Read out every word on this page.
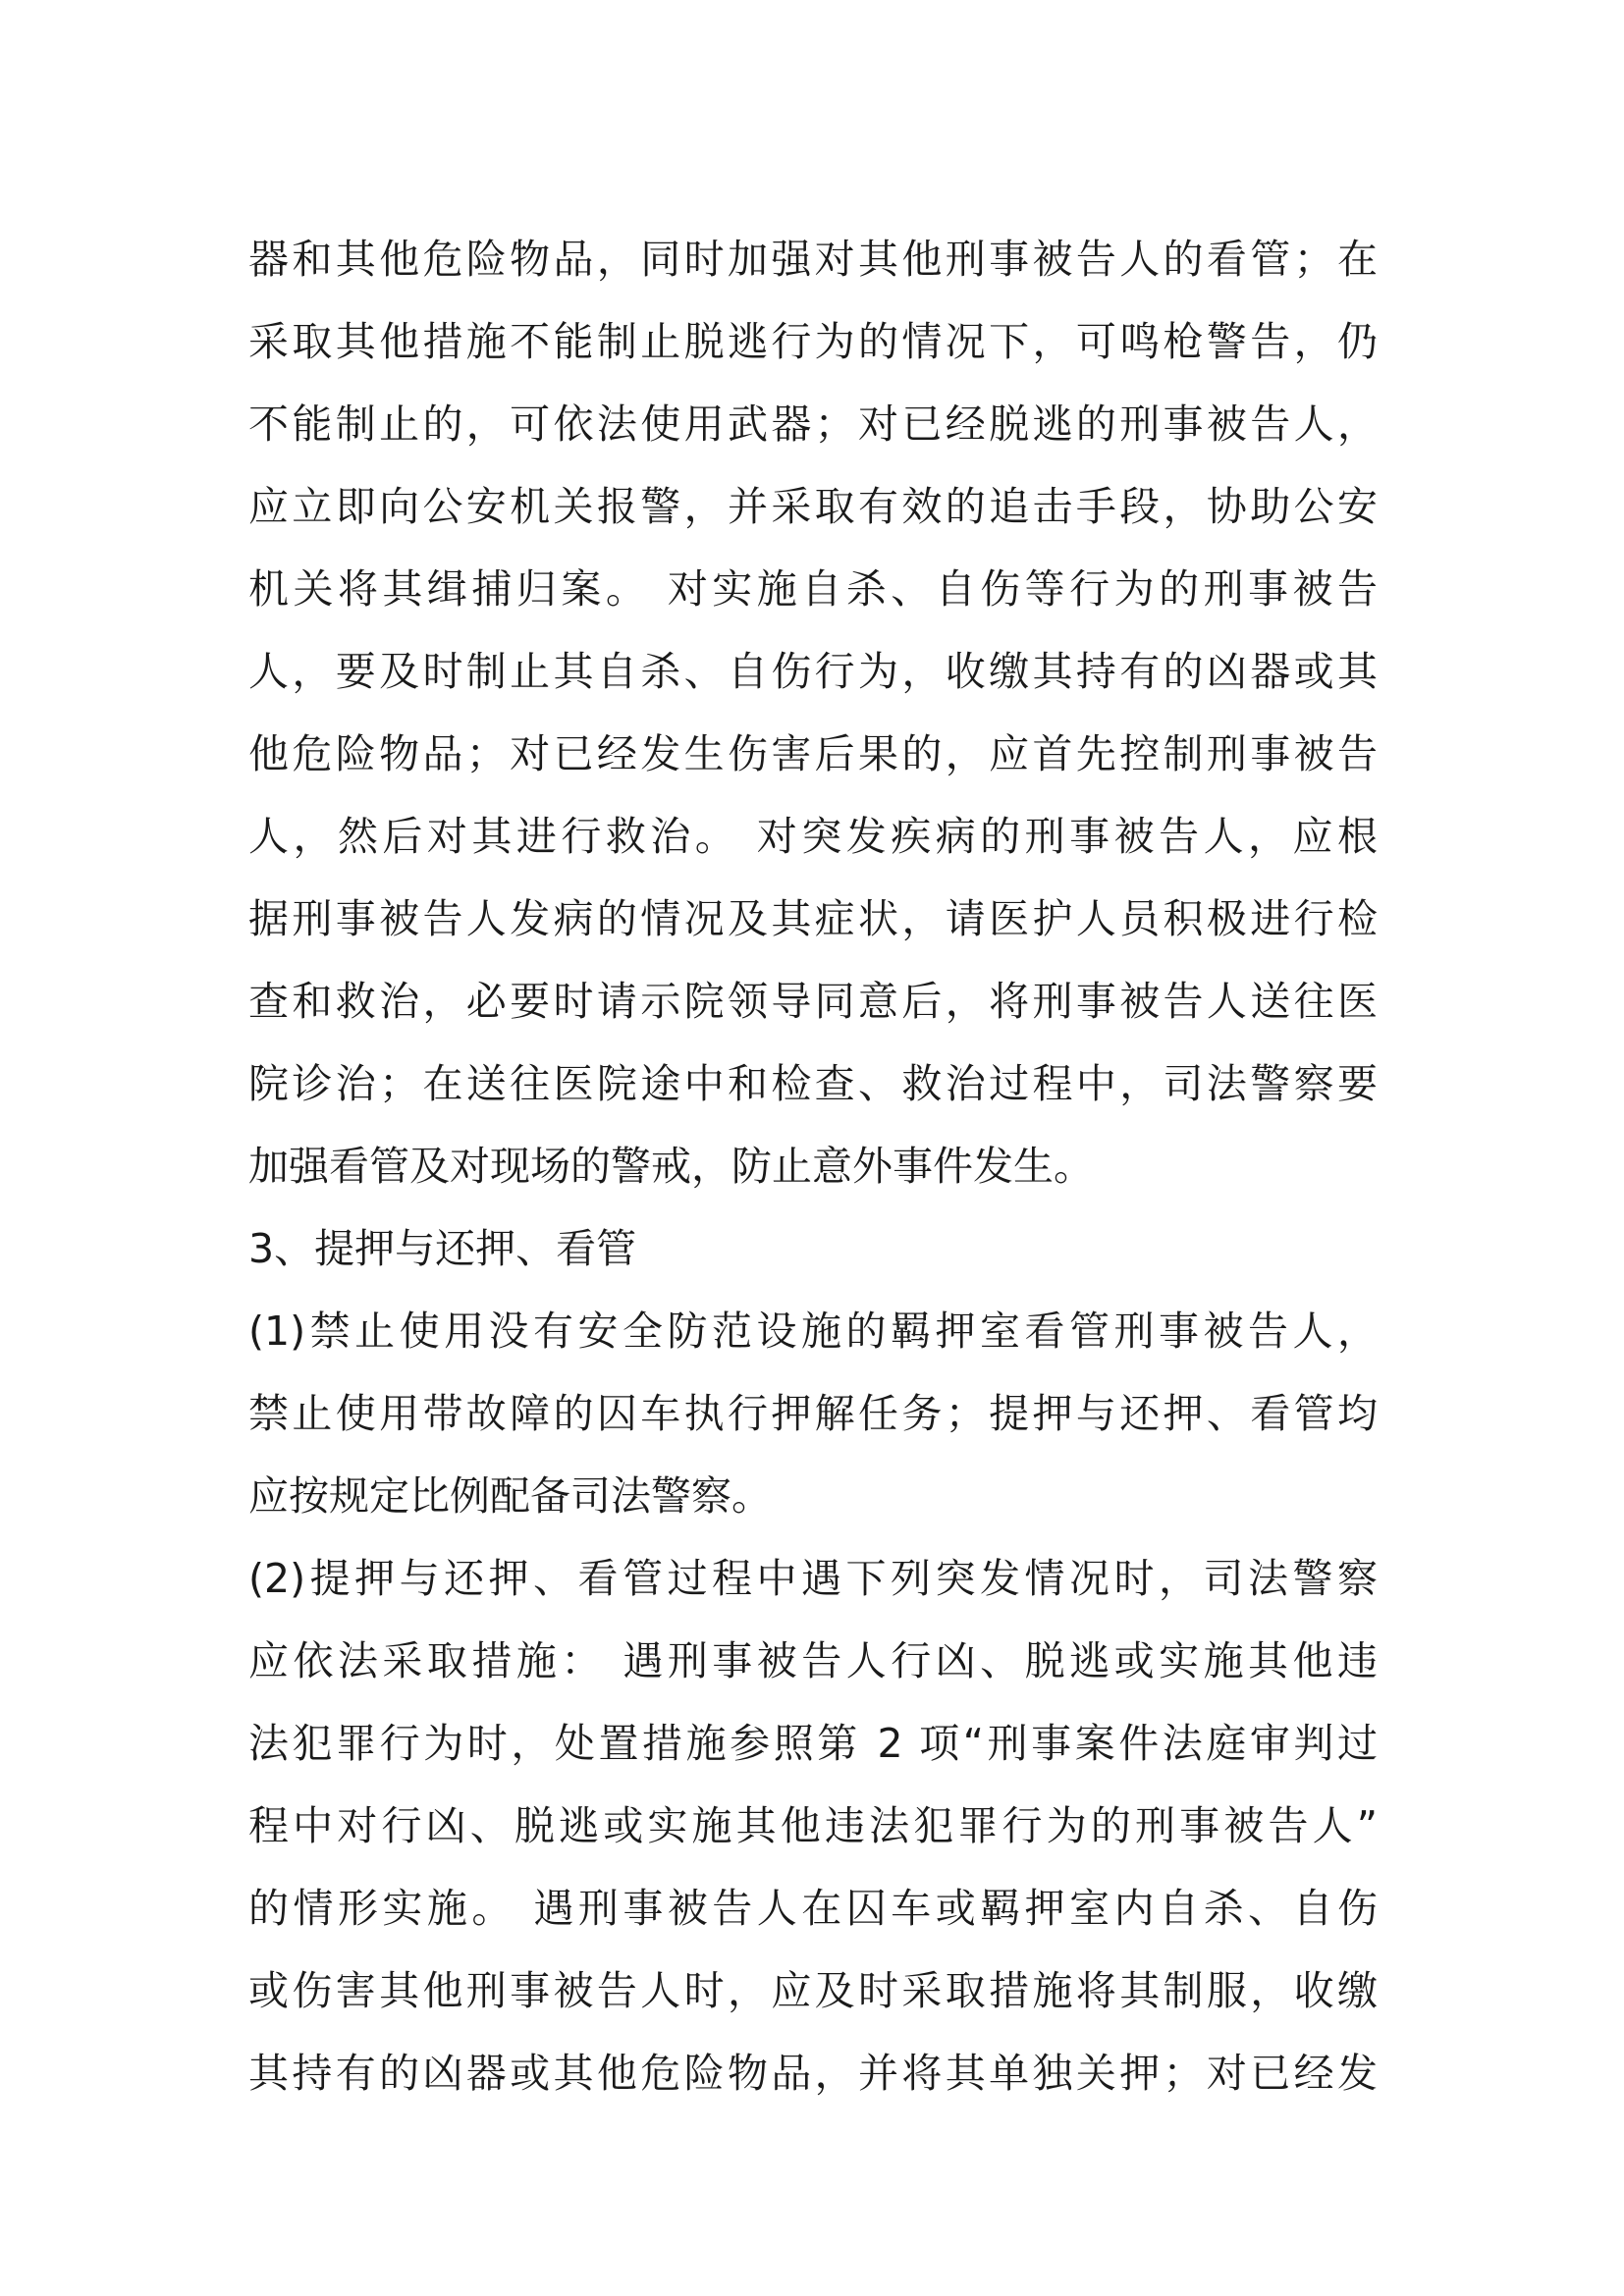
器和其他危险物品，同时加强对其他刑事被告人的看管；在
采取其他措施不能制止脱逃行为的情况下，可鸣枪警告，仍
不能制止的，可依法使用武器；对已经脱逃的刑事被告人，
应立即向公安机关报警，并采取有效的追击手段，协助公安
机关将其缉捕归案。 对实施自杀、自伤等行为的刑事被告
人，要及时制止其自杀、自伤行为，收缴其持有的凶器或其
他危险物品；对已经发生伤害后果的，应首先控制刑事被告
人，然后对其进行救治。 对突发疾病的刑事被告人，应根
据刑事被告人发病的情况及其症状，请医护人员积极进行检
查和救治，必要时请示院领导同意后，将刑事被告人送往医
院诊治；在送往医院途中和检查、救治过程中，司法警察要
加强看管及对现场的警戒，防止意外事件发生。
3、提押与还押、看管
(1)禁止使用没有安全防范设施的羁押室看管刑事被告人，
禁止使用带故障的囚车执行押解任务；提押与还押、看管均
应按规定比例配备司法警察。
(2)提押与还押、看管过程中遇下列突发情况时，司法警察
应依法采取措施： 遇刑事被告人行凶、脱逃或实施其他违
法犯罪行为时，处置措施参照第 2 项“刑事案件法庭审判过
程中对行凶、脱逃或实施其他违法犯罪行为的刑事被告人”
的情形实施。 遇刑事被告人在囚车或羁押室内自杀、自伤
或伤害其他刑事被告人时，应及时采取措施将其制服，收缴
其持有的凶器或其他危险物品，并将其单独关押；对已经发
